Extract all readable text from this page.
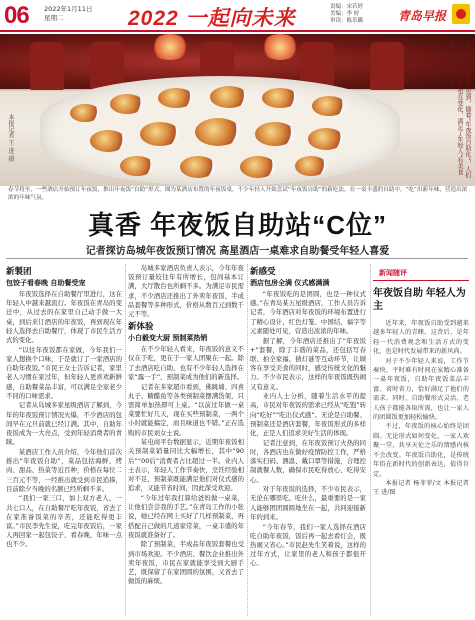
06 2022年1月11日
星期二	2022 一起向未来	责编：宋若婷
美编：李 婷
审读：陈乐璐	青岛早报
本报记者 王 进 摄	高立琛、闻记现场见到，随着“年夜饭自助化”，人们对“团圆饭”的想象也在变化，满足了年轻人“有美食更有趣味”的需要。
春节将至，一些酒店开始预订年夜饭，推出年夜饭“自助”形式。图为某酒店布置的年夜饭桌，不少年轻人开始尝试“年夜饭自助”的新吃法，在一桌丰盛的自助中，“吃”出新年味，营造出浓浓的年味气氛。
真香 年夜饭自助站“C位”
记者探访岛城年夜饭预订情况 高星酒店一桌难求自助餐受年轻人喜爱
新製团
包饺子看春晚 自助餐受宠

年夜饭选择在自助餐厅里进行，这在年轻人中越来越流行。年夜饭在青岛的变迁中，从过去的在家里自己动手做一大桌，到后来订酒店的年夜饭，再到现在年轻人选择去自助餐厅，体现了市民生活方式的变化。

“以往年夜饭都在家做，今年我们一家人想换个口味，于是就订了一家酒店的自助年夜饭。”市民王女士告诉记者，家里老人习惯在家过年，但年轻人更喜欢新鲜感，自助餐菜品丰富，可以满足全家老少不同的口味需求。

记者从岛城多家星级酒店了解到，今年的年夜饭预订情况火爆，不少酒店的包间早在元旦前就已经订满。其中，自助年夜饭成为一大亮点，受到年轻消费者的青睐。

某酒店工作人员介绍，今年他们首次推出“年夜饭自助”，菜品包括海鲜、烤肉、甜品、热菜等近百种，价格在每位二三百元不等，一经推出就受到市民追捧，目前除夕当晚的名额已经所剩不多。

“我们一家三口，加上双方老人，一共七口人，在自助餐厅吃年夜饭，省去了在家准备饭菜的辛苦，还能吃得更丰富。”市民李先生说，吃完年夜饭后，一家人再回家一起包饺子、看春晚，年味一点也不少。

岛城多家酒店负责人表示，今年年夜饭预订量较往年有所增长，包间基本订满，大厅散台也所剩不多。为满足市民需求，不少酒店还推出了外卖年夜饭、半成品套餐等多种形式，价格从数百元到数千元不等。

新体验
小白毅变大厨 预制菜热销

在不少年轻人看来，年夜饭的意义不仅在于吃，更在于一家人团聚在一起。除了去酒店吃自助，也有不少年轻人选择在家“露一手”，预制菜成为他们的新选择。

记者在多家超市看到，佛跳墙、四喜丸子、糖醋鱼等各类预制菜摆满货架，只需简单加热即可上桌。“以前过年做一桌菜要忙好几天，现在买些预制菜，一两个小时就能搞定，而且味道也不错。”正在选购的市民刘女士说。

某电商平台数据显示，近期年夜饭相关预制菜销量同比大幅增长，其中“90后”“00后”消费者占比超过一半。业内人士表示，年轻人工作节奏快，烹饪经验相对不足，预制菜既能满足他们对仪式感的追求，又能节省时间，因此深受欢迎。

“今年过年我打算给爸妈做一桌菜，让他们尝尝我的手艺。”在青岛工作的小张说，她已经在网上买好了几样预制菜，再搭配自己做的几道家常菜，一桌丰盛的年夜饭就准备好了。

除了预制菜，半成品年夜饭套餐也受到市场欢迎。不少酒店、餐饮企业推出外卖年夜饭，市民在家就能享受到大厨手艺，既保留了在家团圆的氛围，又省去了做饭的麻烦。

新感受
酒店包房全满 仪式感满满

“年夜饭吃的是团圆，也是一种仪式感。”在青岛某五星级酒店，工作人员告诉记者，今年酒店对年夜饭的环境布置进行了精心设计，红色灯笼、中国结、福字等元素随处可见，营造出浓浓的年味。

据了解，今年酒店还推出了“年夜饭+”套餐，除了丰盛的菜品，还包括写春联、拍全家福、猜灯谜等互动环节，让顾客在享受美食的同时，感受传统文化的魅力。不少市民表示，这样的年夜饭既热闹又有意义。

业内人士分析，随着生活水平的提高，市民对年夜饭的需求已经从“吃饱”转向“吃好”“吃出仪式感”。无论是自助餐、预制菜还是酒店套餐，年夜饭形式的多样化，正是人们追求美好生活的体现。

记者注意到，在年夜饭预订火热的同时，各酒店也在做好疫情防控工作，严格落实扫码、测温、戴口罩等措施，合理控制就餐人数，确保市民吃得放心、吃得安心。

对于年夜饭的选择，不少市民表示，无论在哪里吃、吃什么，最重要的是一家人能够团团圆圆地坐在一起，共同迎接新年的到来。

“今年春节，我们一家人选择在酒店吃自助年夜饭，饭后再一起去看灯会，既热闹又省心。”市民赵先生笑着说，这样的过年方式，让家里的老人和孩子都很开心。

新闻随评
年夜饭自助 年轻人为主

近年来，年夜饭自助受到越来越多年轻人的青睐。这背后，是年轻一代消费观念和生活方式的变化，也是时代发展带来的新风尚。

对于不少年轻人来说，工作节奏快，平时难有时间在家精心准备一桌年夜饭，自助年夜饭菜品丰富、省时省力，恰好满足了他们的需求。同时，自助餐形式灵活，老人孩子都能各取所需，也让一家人的团圆饭更加轻松愉快。

不过，年夜饭的核心始终是团圆。无论形式如何变化，一家人欢聚一堂、共享天伦之乐的情感内核不会改变。年夜饭自助化，是传统年俗在新时代的创新表达，值得肯定。

本报记者 杨菲菲/文 本报记者 王 进/图
